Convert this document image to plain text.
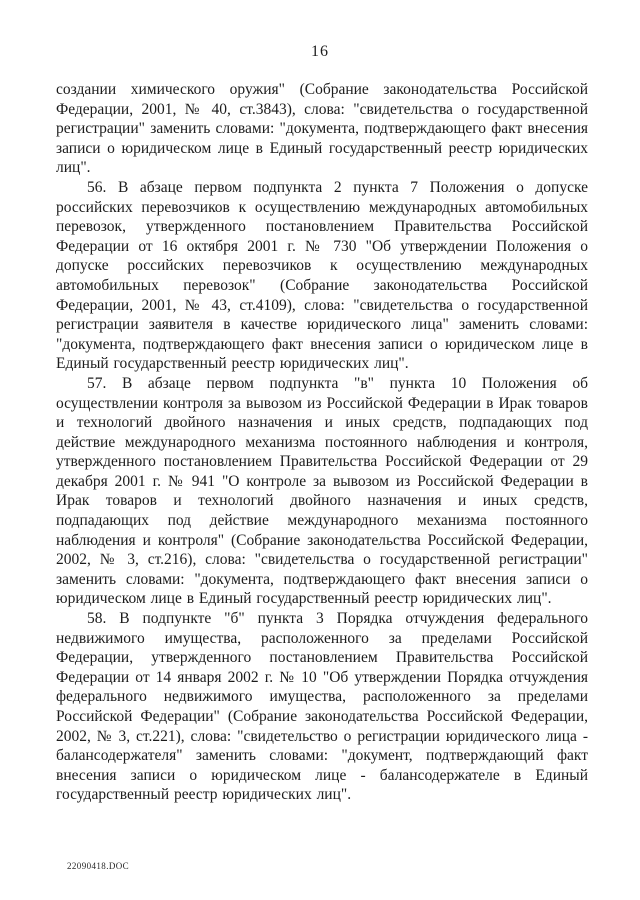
16

создании химического оружия" (Собрание законодательства Российской Федерации, 2001, № 40, ст.3843), слова: "свидетельства о государственной регистрации" заменить словами: "документа, подтверждающего факт внесения записи о юридическом лице в Единый государственный реестр юридических лиц".

56. В абзаце первом подпункта 2 пункта 7 Положения о допуске российских перевозчиков к осуществлению международных автомобильных перевозок, утвержденного постановлением Правительства Российской Федерации от 16 октября 2001 г. № 730 "Об утверждении Положения о допуске российских перевозчиков к осуществлению международных автомобильных перевозок" (Собрание законодательства Российской Федерации, 2001, № 43, ст.4109), слова: "свидетельства о государственной регистрации заявителя в качестве юридического лица" заменить словами: "документа, подтверждающего факт внесения записи о юридическом лице в Единый государственный реестр юридических лиц".

57. В абзаце первом подпункта "в" пункта 10 Положения об осуществлении контроля за вывозом из Российской Федерации в Ирак товаров и технологий двойного назначения и иных средств, подпадающих под действие международного механизма постоянного наблюдения и контроля, утвержденного постановлением Правительства Российской Федерации от 29 декабря 2001 г. № 941 "О контроле за вывозом из Российской Федерации в Ирак товаров и технологий двойного назначения и иных средств, подпадающих под действие международного механизма постоянного наблюдения и контроля" (Собрание законодательства Российской Федерации, 2002, № 3, ст.216), слова: "свидетельства о государственной регистрации" заменить словами: "документа, подтверждающего факт внесения записи о юридическом лице в Единый государственный реестр юридических лиц".

58. В подпункте "б" пункта 3 Порядка отчуждения федерального недвижимого имущества, расположенного за пределами Российской Федерации, утвержденного постановлением Правительства Российской Федерации от 14 января 2002 г. № 10 "Об утверждении Порядка отчуждения федерального недвижимого имущества, расположенного за пределами Российской Федерации" (Собрание законодательства Российской Федерации, 2002, № 3, ст.221), слова: "свидетельство о регистрации юридического лица - балансодержателя" заменить словами: "документ, подтверждающий факт внесения записи о юридическом лице - балансодержателе в Единый государственный реестр юридических лиц".

22090418.DOC
